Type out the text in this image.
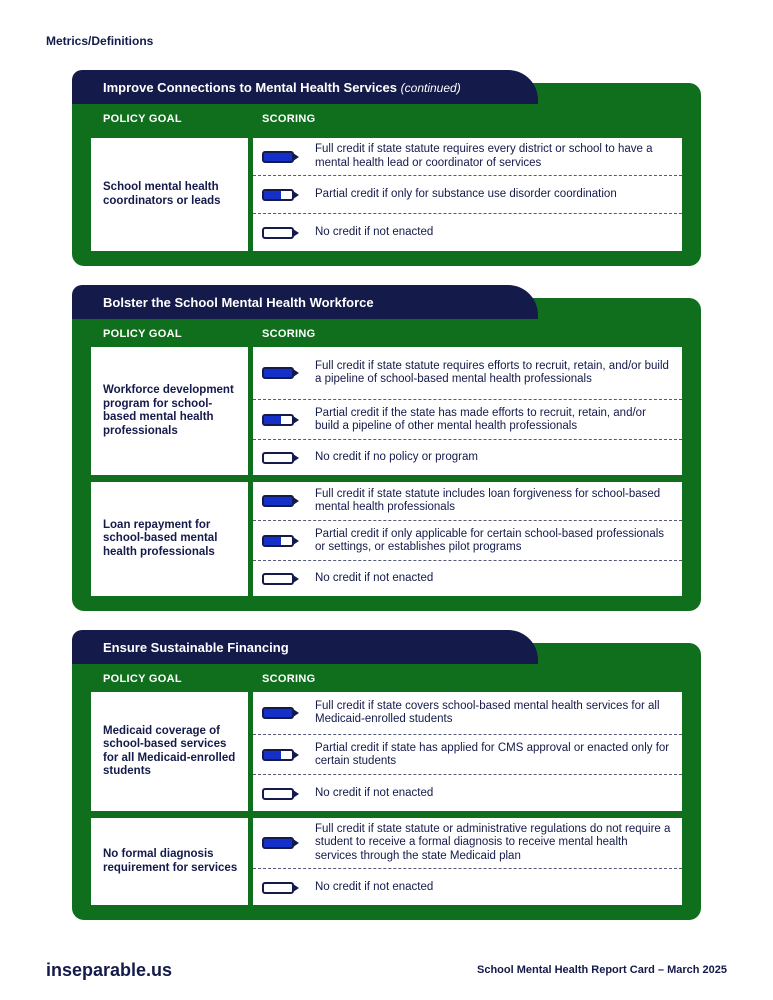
Metrics/Definitions
Improve Connections to Mental Health Services (continued)
POLICY GOAL	SCORING
School mental health coordinators or leads
Full credit if state statute requires every district or school to have a mental health lead or coordinator of services
Partial credit if only for substance use disorder coordination
No credit if not enacted
Bolster the School Mental Health Workforce
POLICY GOAL	SCORING
Workforce development program for school-based mental health professionals
Full credit if state statute requires efforts to recruit, retain, and/or build a pipeline of school-based mental health professionals
Partial credit if the state has made efforts to recruit, retain, and/or build a pipeline of other mental health professionals
No credit if no policy or program
Loan repayment for school-based mental health professionals
Full credit if state statute includes loan forgiveness for school-based mental health professionals
Partial credit if only applicable for certain school-based professionals or settings, or establishes pilot programs
No credit if not enacted
Ensure Sustainable Financing
POLICY GOAL	SCORING
Medicaid coverage of school-based services for all Medicaid-enrolled students
Full credit if state covers school-based mental health services for all Medicaid-enrolled students
Partial credit if state has applied for CMS approval or enacted only for certain students
No credit if not enacted
No formal diagnosis requirement for services
Full credit if state statute or administrative regulations do not require a student to receive a formal diagnosis to receive mental health services through the state Medicaid plan
No credit if not enacted
inseparable.us	School Mental Health Report Card – March 2025
